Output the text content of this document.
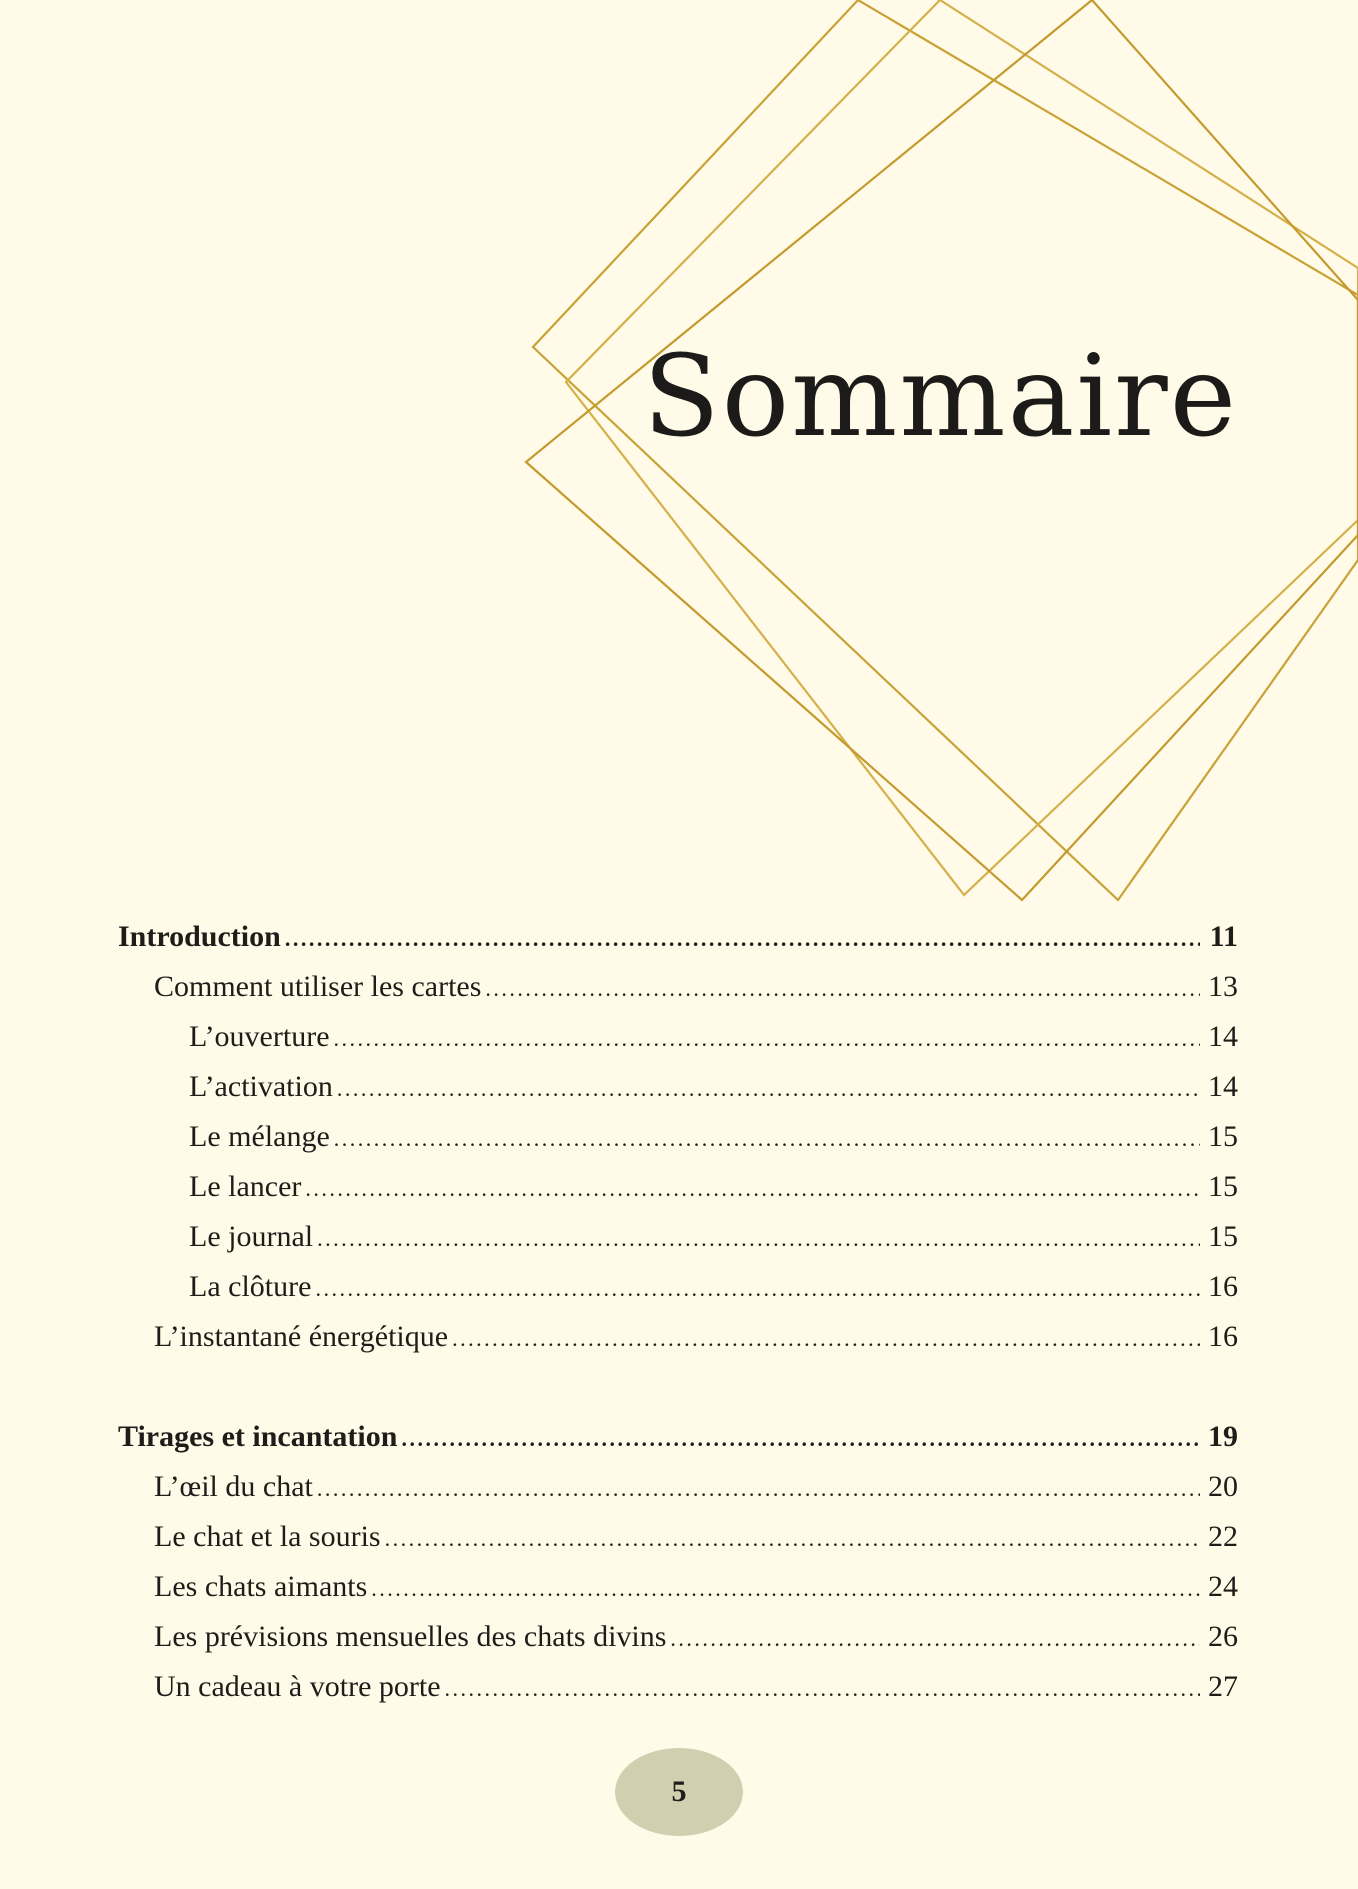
Sommaire
Introduction . . .	11
Comment utiliser les cartes . . .	13
L’ouverture . . .	14
L’activation . . .	14
Le mélange . . .	15
Le lancer . . .	15
Le journal . . .	15
La clôture . . .	16
L’instantané énergétique . . .	16
Tirages et incantation . . .	19
L’œil du chat . . .	20
Le chat et la souris . . .	22
Les chats aimants . . .	24
Les prévisions mensuelles des chats divins . . .	26
Un cadeau à votre porte . . .	27
5
